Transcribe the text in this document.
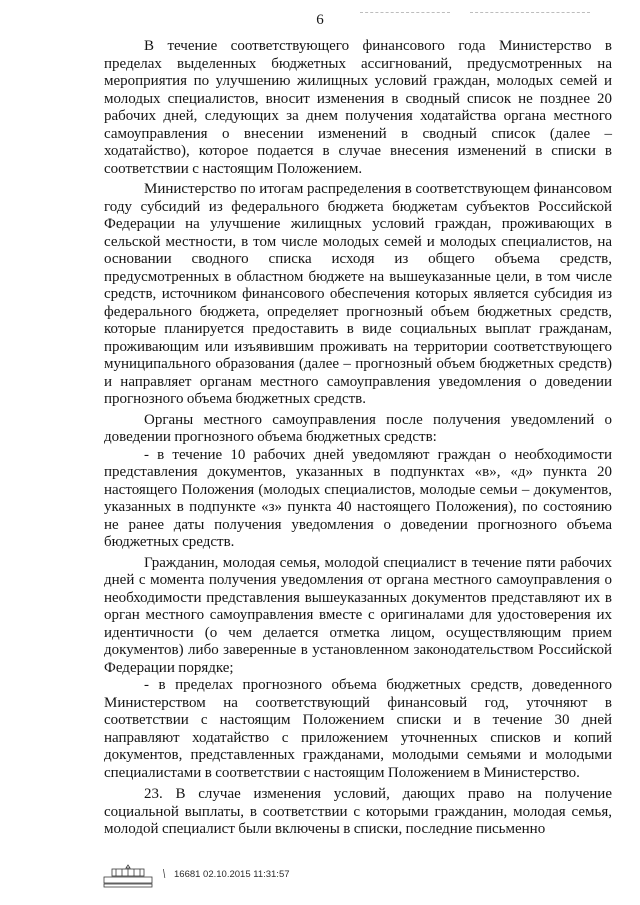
6

В течение соответствующего финансового года Министерство в пределах выделенных бюджетных ассигнований, предусмотренных на мероприятия по улучшению жилищных условий граждан, молодых семей и молодых специалистов, вносит изменения в сводный список не позднее 20 рабочих дней, следующих за днем получения ходатайства органа местного самоуправления о внесении изменений в сводный список (далее – ходатайство), которое подается в случае внесения изменений в списки в соответствии с настоящим Положением.

Министерство по итогам распределения в соответствующем финансовом году субсидий из федерального бюджета бюджетам субъектов Российской Федерации на улучшение жилищных условий граждан, проживающих в сельской местности, в том числе молодых семей и молодых специалистов, на основании сводного списка исходя из общего объема средств, предусмотренных в областном бюджете на вышеуказанные цели, в том числе средств, источником финансового обеспечения которых является субсидия из федерального бюджета, определяет прогнозный объем бюджетных средств, которые планируется предоставить в виде социальных выплат гражданам, проживающим или изъявившим проживать на территории соответствующего муниципального образования (далее – прогнозный объем бюджетных средств) и направляет органам местного самоуправления уведомления о доведении прогнозного объема бюджетных средств.

Органы местного самоуправления после получения уведомлений о доведении прогнозного объема бюджетных средств:

- в течение 10 рабочих дней уведомляют граждан о необходимости представления документов, указанных в подпунктах «в», «д» пункта 20 настоящего Положения (молодых специалистов, молодые семьи – документов, указанных в подпункте «з» пункта 40 настоящего Положения), по состоянию не ранее даты получения уведомления о доведении прогнозного объема бюджетных средств.

Гражданин, молодая семья, молодой специалист в течение пяти рабочих дней с момента получения уведомления от органа местного самоуправления о необходимости представления вышеуказанных документов представляют их в орган местного самоуправления вместе с оригиналами для удостоверения их идентичности (о чем делается отметка лицом, осуществляющим прием документов) либо заверенные в установленном законодательством Российской Федерации порядке;

- в пределах прогнозного объема бюджетных средств, доведенного Министерством на соответствующий финансовый год, уточняют в соответствии с настоящим Положением списки и в течение 30 дней направляют ходатайство с приложением уточненных списков и копий документов, представленных гражданами, молодыми семьями и молодыми специалистами в соответствии с настоящим Положением в Министерство.

23. В случае изменения условий, дающих право на получение социальной выплаты, в соответствии с которыми гражданин, молодая семья, молодой специалист были включены в списки, последние письменно

\ 16681 02.10.2015 11:31:57
